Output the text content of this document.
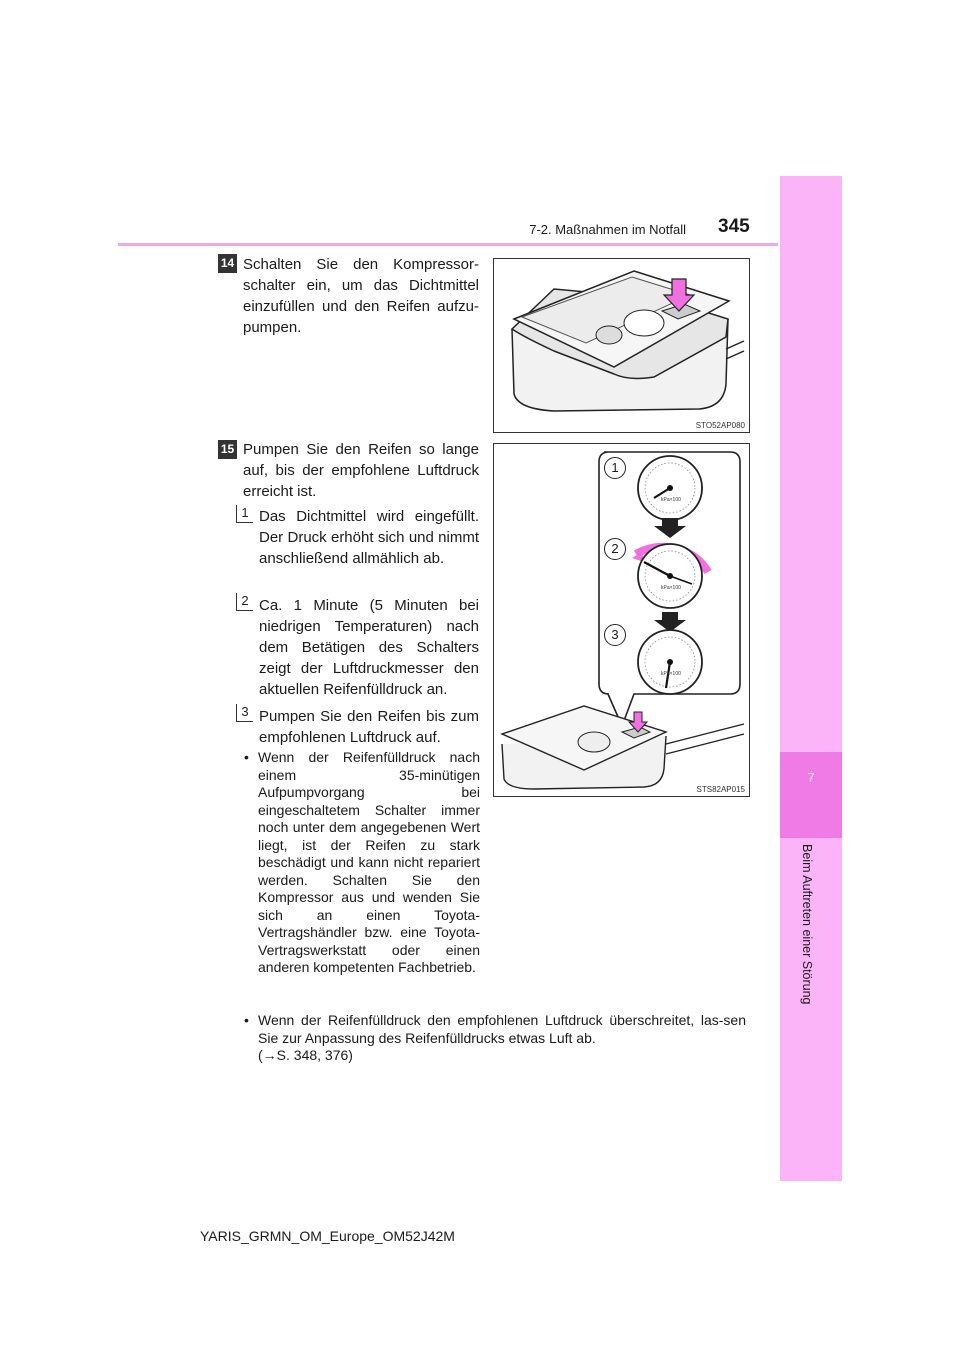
7-2. Maßnahmen im Notfall 345
7
Beim Auftreten einer Störung
14 Schalten Sie den Kompressor-schalter ein, um das Dichtmittel einzufüllen und den Reifen aufzu-pumpen.
STO52AP080
15 Pumpen Sie den Reifen so lange auf, bis der empfohlene Luftdruck erreicht ist.
1 Das Dichtmittel wird eingefüllt. Der Druck erhöht sich und nimmt anschließend allmählich ab.
2 Ca. 1 Minute (5 Minuten bei niedrigen Temperaturen) nach dem Betätigen des Schalters zeigt der Luftdruckmesser den aktuellen Reifenfülldruck an.
3 Pumpen Sie den Reifen bis zum empfohlenen Luftdruck auf.
• Wenn der Reifenfülldruck nach einem 35-minütigen Aufpumpvorgang bei eingeschaltetem Schalter immer noch unter dem angegebenen Wert liegt, ist der Reifen zu stark beschädigt und kann nicht repariert werden. Schalten Sie den Kompressor aus und wenden Sie sich an einen Toyota-Vertragshändler bzw. eine Toyota-Vertragswerkstatt oder einen anderen kompetenten Fachbetrieb.
• Wenn der Reifenfülldruck den empfohlenen Luftdruck überschreitet, las-sen Sie zur Anpassung des Reifenfülldrucks etwas Luft ab.
(→S. 348, 376)
1
2
3
kPa×100
kPa×100
kPa×100
STS82AP015
YARIS_GRMN_OM_Europe_OM52J42M
